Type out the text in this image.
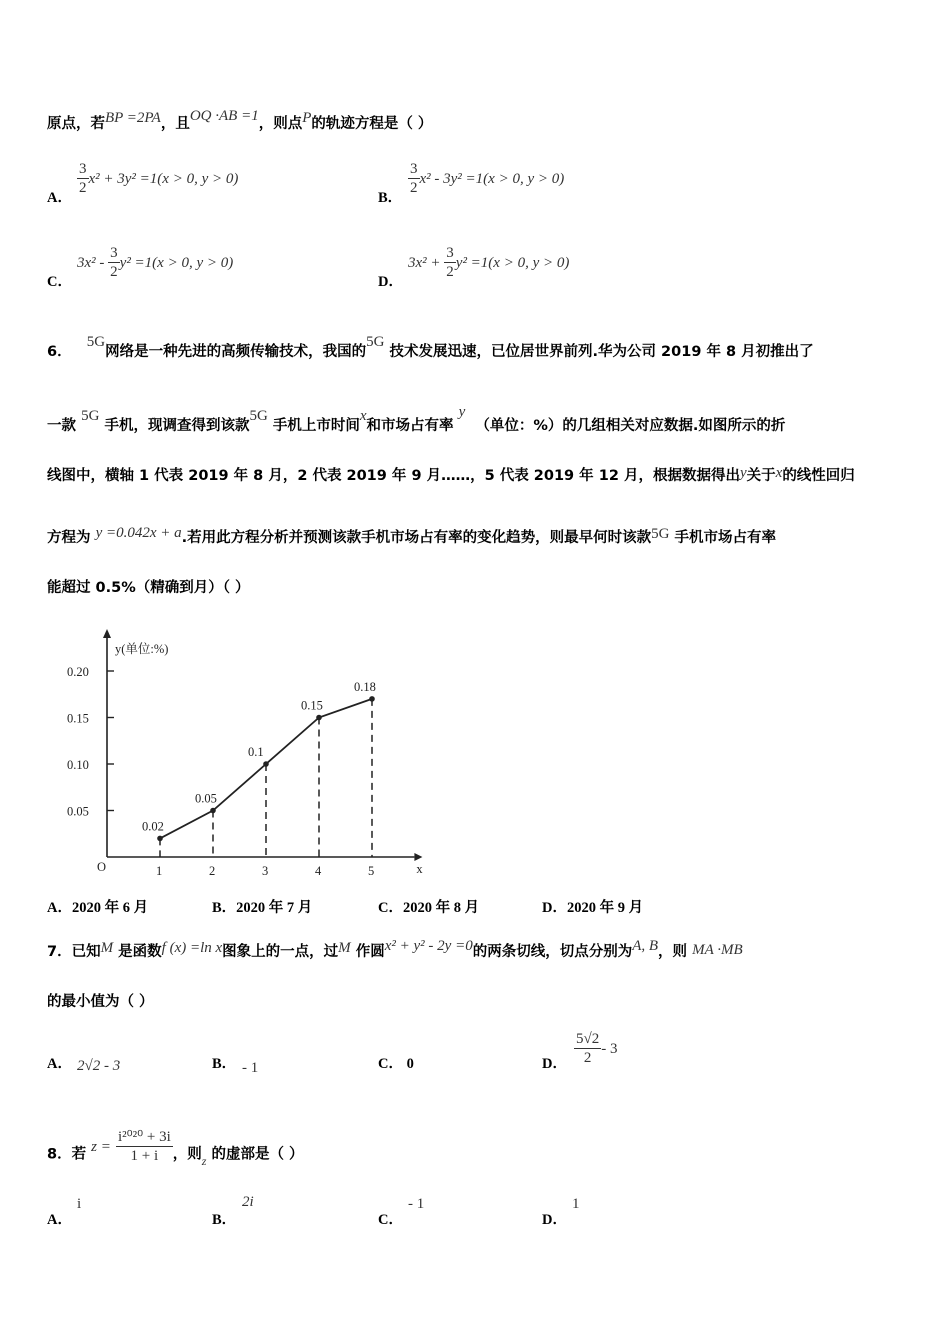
原点，若BP =2PA，且OQ ·AB =1，则点P的轨迹方程是（ ）
A．
$\frac{3}{2} x^2 + 3y^2 =1(x > 0$, y > 0)
B．
$\frac{3}{2} x^2 - 3y^2 =1(x > 0$, y > 0)
C．
$3x^2 - \frac{3}{2} y^2 =1(x > 0$, y > 0)
D．
$3x^2 + \frac{3}{2} y^2 =1(x > 0$, y > 0)
6．   5G网络是一种先进的高频传输技术，我国的5G 技术发展迅速，已位居世界前列.华为公司 2019 年 8 月初推出了
一款 5G 手机，现调查得到该款5G 手机上市时间x和市场占有率 y  （单位：%）的几组相关对应数据.如图所示的折
线图中，横轴 1 代表 2019 年 8 月，2 代表 2019 年 9 月……，5 代表 2019 年 12 月，根据数据得出y关于x的线性回归
方程为 y =0.042x + a.若用此方程分析并预测该款手机市场占有率的变化趋势，则最早何时该款5G 手机市场占有率
能超过 0.5%（精确到月）（ ）
y(单位:%)
x
O
0.05
0.10
0.15
0.20
1	2	3	4	5
0.02
0.05
0.1
0.15
0.18
A．2020 年 6 月	B．2020 年 7 月	C．2020 年 8 月	D．2020 年 9 月
7．已知M 是函数f (x) =ln x图象上的一点，过M 作圆x² + y² - 2y =0的两条切线，切点分别为A, B，则 MA ·MB
的最小值为（ ）
A． 2√2 - 3	B． - 1	C． 0	D． $\frac{5√2}{2} - 3$
8．若 $z = \frac{\text{i²⁰²⁰ + 3i}}{1 + i}$ ，则$_z$ 的虚部是（ ）
A．
i
B．
2i
C．
- 1
D．
1
